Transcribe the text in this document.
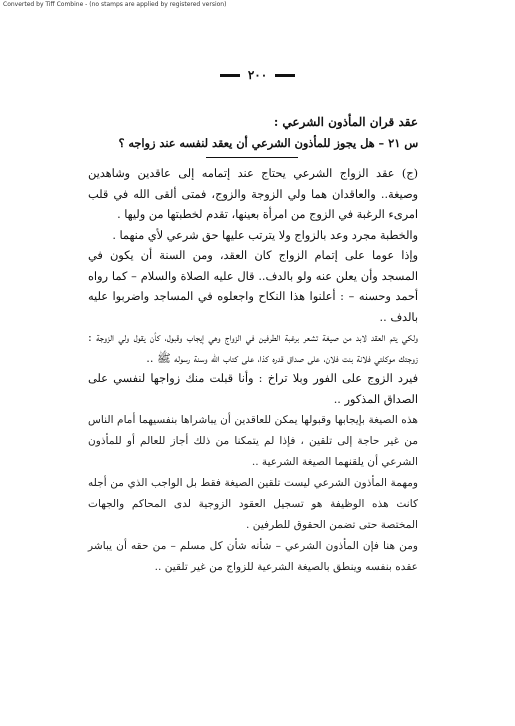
Converted by Tiff Combine - (no stamps are applied by registered version)
٢٠٠

عقد قران المأذون الشرعي :

س ٢١ – هل يجوز للمأذون الشرعي أن يعقد لنفسه عند زواجه ؟

(ج) عقد الزواج الشرعي يحتاج عند إتمامه إلى عاقدين وشاهدين وصيغة.. والعاقدان هما ولي الزوجة والزوج، فمتى ألقى الله في قلب امرىء الرغبة في الزوج من امرأة بعينها، تقدم لخطبتها من وليها .

والخطبة مجرد وعد بالزواج ولا يترتب عليها حق شرعي لأي منهما .

وإذا عوما على إتمام الزواج كان العقد، ومن السنة أن يكون في المسجد وأن يعلن عنه ولو بالدف.. قال عليه الصلاة والسلام – كما رواه أحمد وحسنه – : أعلنوا هذا النكاح واجعلوه في المساجد واضربوا عليه بالدف ..

ولكي يتم العقد لابد من صيغة تشعر برغبة الطرفين في الزواج وهي إيجاب وقبول، كأن يقول ولي الزوجة : زوجتك موكلتي فلانة بنت فلان، على صداق قدره كذا، على كتاب الله وسنة رسوله ﷺ ..

فيرد الزوج على الفور وبلا تراخ : وأنا قبلت منك زواجها لنفسي على الصداق المذكور ..

هذه الصيغة بإيجابها وقبولها يمكن للعاقدين أن يباشراها بنفسيهما أمام الناس من غير حاجة إلى تلقين ، فإذا لم يتمكنا من ذلك أجاز للعالم أو للمأذون الشرعي أن يلقنهما الصيغة الشرعية ..

ومهمة المأذون الشرعي ليست تلقين الصيغة فقط بل الواجب الذي من أجله كانت هذه الوظيفة هو تسجيل العقود الزوجية لدى المحاكم والجهات المختصة حتى تضمن الحقوق للطرفين .

ومن هنا فإن المأذون الشرعي – شأنه شأن كل مسلم – من حقه أن يباشر عقده بنفسه وينطق بالصيغة الشرعية للزواج من غير تلقين ..
